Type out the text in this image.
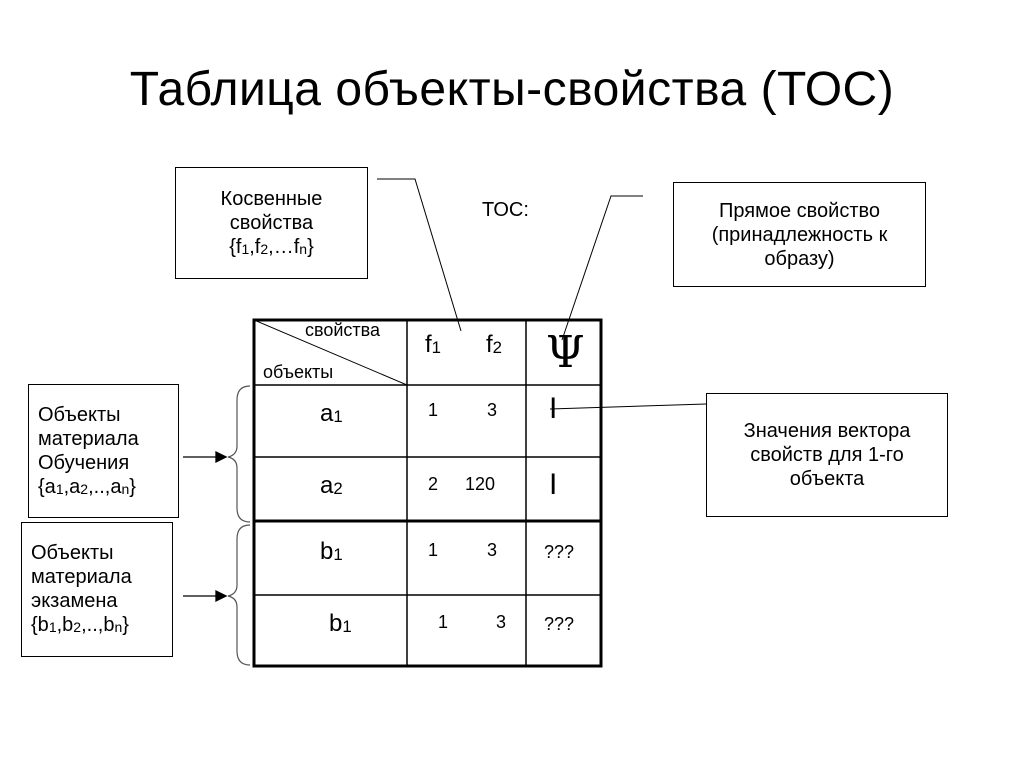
Таблица объекты-свойства (ТОС)
Косвенные
свойства
$\{f_1,f_2,\dots f_n\}$
ТОС:	Прямое свойство
(принадлежность к
образу)
Значения вектора
свойств для 1-го
объекта
Объекты
материала
Обучения
$\{a_1,a_2,..,a_n\}$
Объекты
материала
экзамена
$\{b_1,b_2,..,b_n\}$
свойства
объекты
$f_1$ $f_2$ Ψ
$a_1$	1	3 I
$a_2$	2 120 I
$b_1$	1	3	???
$b_1$	1	3 ???
